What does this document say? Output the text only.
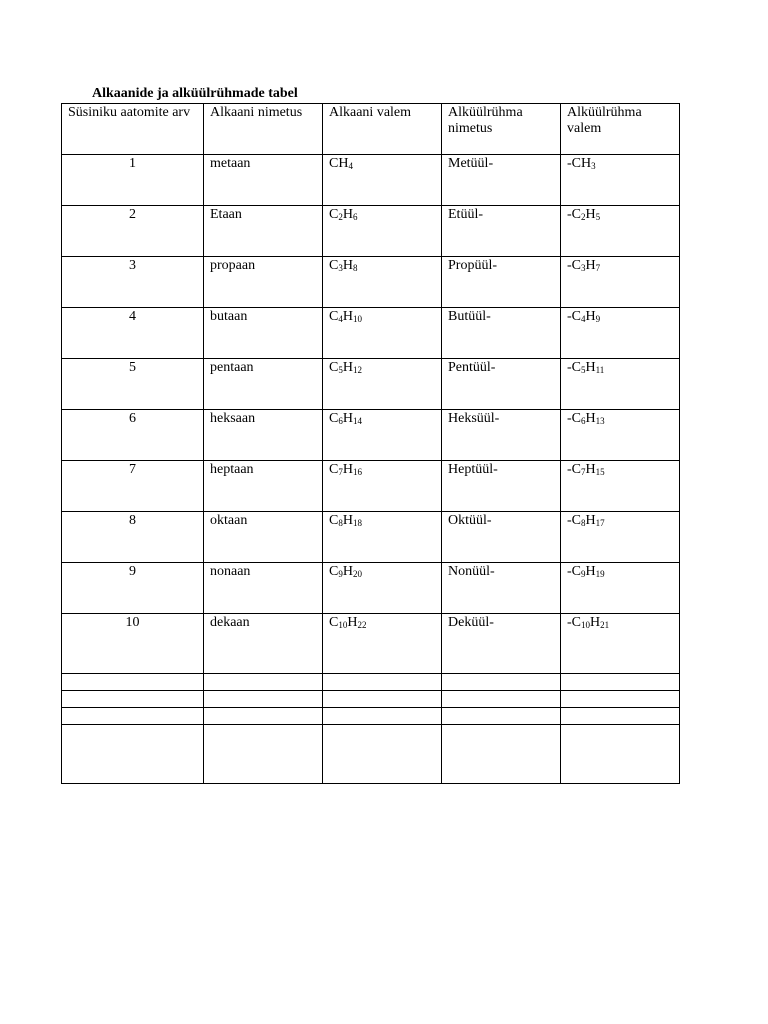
Alkaanide ja alküülrühmade tabel
Süsiniku aatomite arv	Alkaani nimetus	Alkaani valem	Alküülrühma nimetus	Alküülrühma valem

1	metaan	$CH_4$	Metüül-	$-CH_3$

2	Etaan	$C_2H_6$	Etüül-	$-C_2H_5$

3	propaan	$C_3H_8$	Propüül-	$-C_3H_7$

4	butaan	$C_4H_{10}$	Butüül-	$-C_4H_9$

5	pentaan	$C_5H_{12}$	Pentüül-	$-C_5H_{11}$

6	heksaan	$C_6H_{14}$	Heksüül-	$-C_6H_{13}$

7	heptaan	$C_7H_{16}$	Heptüül-	$-C_7H_{15}$

8	oktaan	$C_8H_{18}$	Oktüül-	$-C_8H_{17}$

9	nonaan	$C_9H_{20}$	Nonüül-	$-C_9H_{19}$

10	dekaan	$C_{10}H_{22}$	Deküül-	$-C_{10}H_{21}$
